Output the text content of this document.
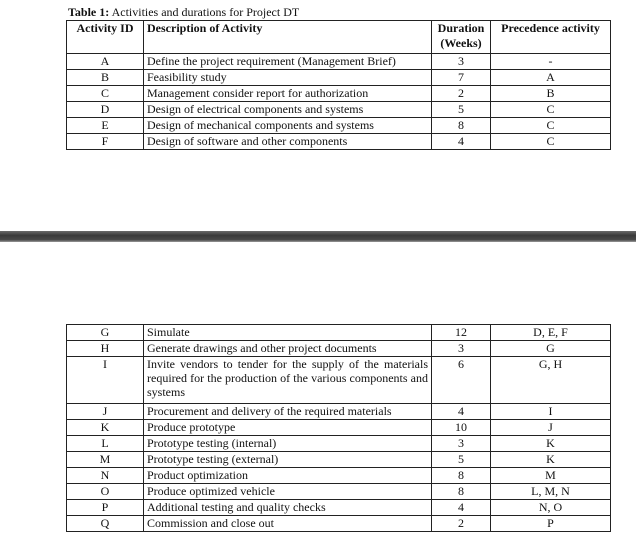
Table 1: Activities and durations for Project DT
Activity ID	Description of Activity	Duration (Weeks)	Precedence activity
A	Define the project requirement (Management Brief)	3	-
B	Feasibility study	7	A
C	Management consider report for authorization	2	B
D	Design of electrical components and systems	5	C
E	Design of mechanical components and systems	8	C
F	Design of software and other components	4	C
G	Simulate	12	D, E, F
H	Generate drawings and other project documents	3	G
I	Invite vendors to tender for the supply of the materials required for the production of the various components and systems	6	G, H
J	Procurement and delivery of the required materials	4	I
K	Produce prototype	10	J
L	Prototype testing (internal)	3	K
M	Prototype testing (external)	5	K
N	Product optimization	8	M
O	Produce optimized vehicle	8	L, M, N
P	Additional testing and quality checks	4	N, O
Q	Commission and close out	2	P
